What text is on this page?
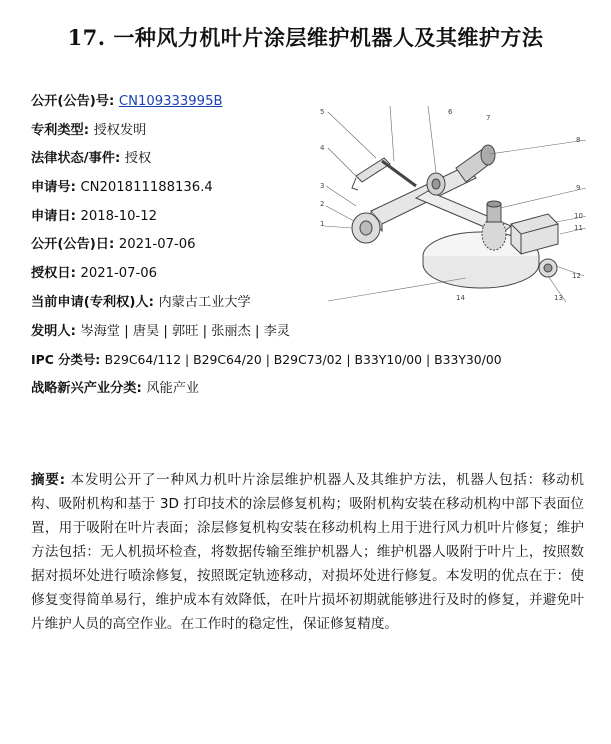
17. 一种风力机叶片涂层维护机器人及其维护方法
公开(公告)号: CN109333995B
专利类型: 授权发明
法律状态/事件: 授权
申请号: CN201811188136.4
申请日: 2018-10-12
公开(公告)日: 2021-07-06
授权日: 2021-07-06
当前申请(专利权)人: 内蒙古工业大学
发明人: 岑海堂 | 唐昊 | 郭旺 | 张丽杰 | 李灵
IPC 分类号: B29C64/112 | B29C64/20 | B29C73/02 | B33Y10/00 | B33Y30/00
战略新兴产业分类: 风能产业
5	6
7
8
4
3	9
2
10
1	11
12
13
14
摘要: 本发明公开了一种风力机叶片涂层维护机器人及其维护方法，机器人包括：移动机构、吸附机构和基于 3D 打印技术的涂层修复机构；吸附机构安装在移动机构中部下表面位置，用于吸附在叶片表面；涂层修复机构安装在移动机构上用于进行风力机叶片修复；维护方法包括：无人机损坏检查，将数据传输至维护机器人；维护机器人吸附于叶片上，按照数据对损坏处进行喷涂修复，按照既定轨迹移动，对损坏处进行修复。本发明的优点在于：使修复变得简单易行，维护成本有效降低，在叶片损坏初期就能够进行及时的修复，并避免叶片维护人员的高空作业。在工作时的稳定性，保证修复精度。
